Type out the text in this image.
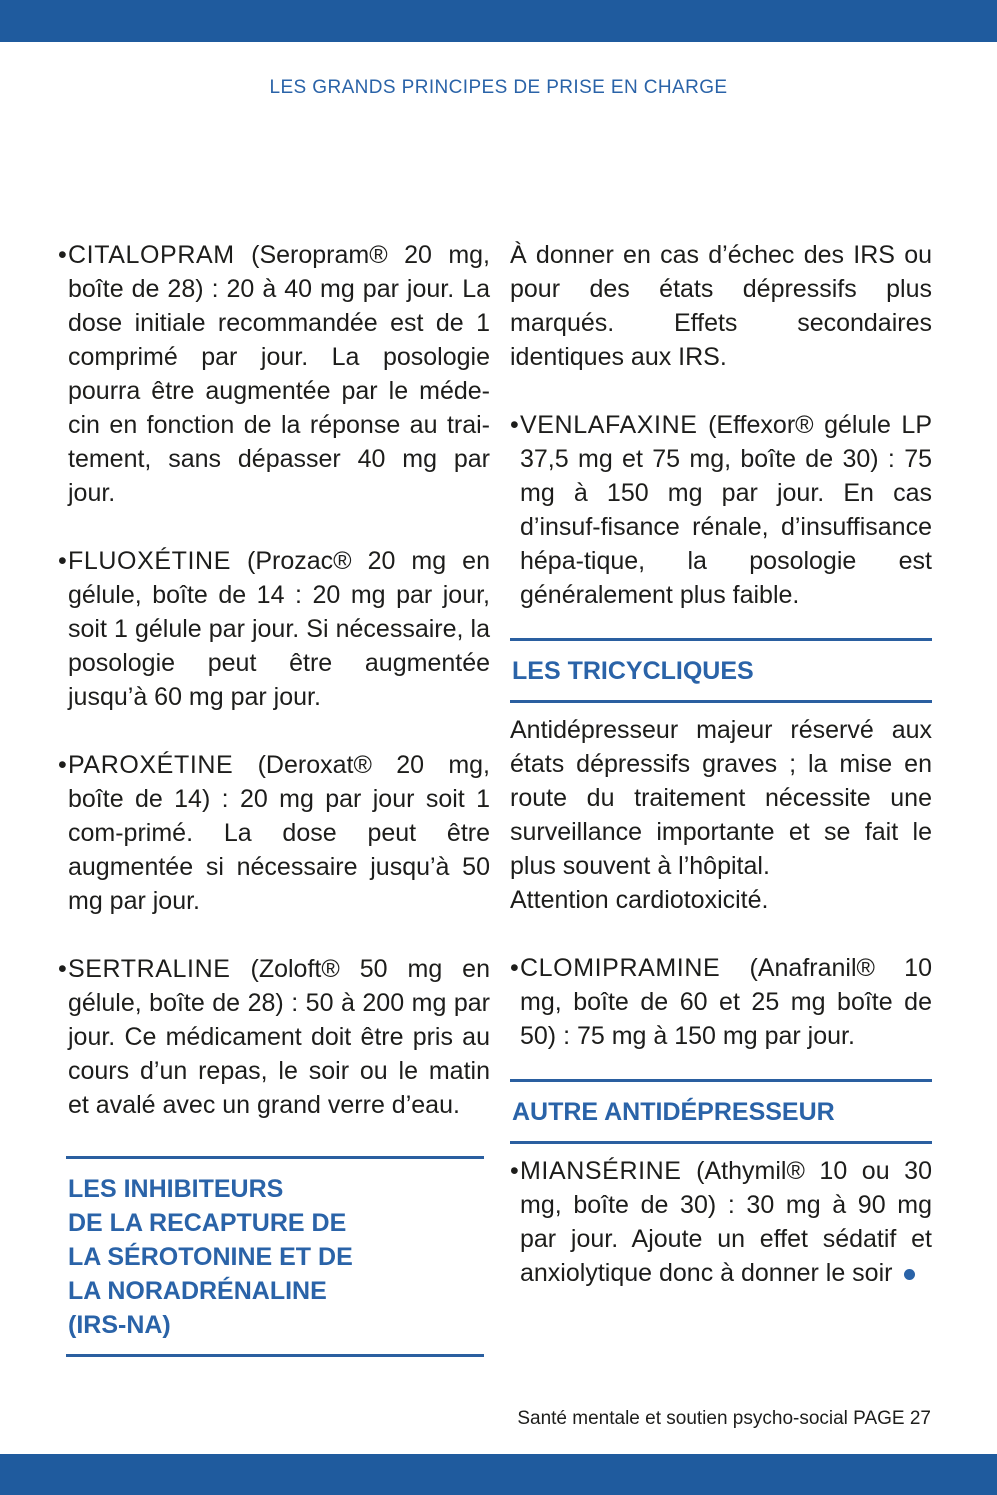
LES GRANDS PRINCIPES DE PRISE EN CHARGE
• CITALOPRAM (Seropram® 20 mg, boîte de 28) : 20 à 40 mg par jour. La dose initiale recommandée est de 1 comprimé par jour. La posologie pourra être augmentée par le méde-cin en fonction de la réponse au trai-tement, sans dépasser 40 mg par jour.

• FLUOXÉTINE (Prozac® 20 mg en gélule, boîte de 14 : 20 mg par jour, soit 1 gélule par jour. Si nécessaire, la posologie peut être augmentée jusqu’à 60 mg par jour.

• PAROXÉTINE (Deroxat® 20 mg, boîte de 14) : 20 mg par jour soit 1 com-primé. La dose peut être augmentée si nécessaire jusqu’à 50 mg par jour.

• SERTRALINE (Zoloft® 50 mg en gélule, boîte de 28) : 50 à 200 mg par jour. Ce médicament doit être pris au cours d’un repas, le soir ou le matin et avalé avec un grand verre d’eau.

LES INHIBITEURS
DE LA RECAPTURE DE
LA SÉROTONINE ET DE
LA NORADRÉNALINE
(IRS-NA)

À donner en cas d’échec des IRS ou pour des états dépressifs plus marqués. Effets secondaires identiques aux IRS.

• VENLAFAXINE (Effexor® gélule LP 37,5 mg et 75 mg, boîte de 30) : 75 mg à 150 mg par jour. En cas d’insuf-fisance rénale, d’insuffisance hépa-tique, la posologie est généralement plus faible.

LES TRICYCLIQUES

Antidépresseur majeur réservé aux états dépressifs graves ; la mise en route du traitement nécessite une surveillance importante et se fait le plus souvent à l’hôpital.

Attention cardiotoxicité.

• CLOMIPRAMINE (Anafranil® 10 mg, boîte de 60 et 25 mg boîte de 50) : 75 mg à 150 mg par jour.

AUTRE ANTIDÉPRESSEUR
• MIANSÉRINE (Athymil® 10 ou 30 mg, boîte de 30) : 30 mg à 90 mg par jour. Ajoute un effet sédatif et anxiolytique donc à donner le soir

Santé mentale et soutien psycho-social PAGE 27
